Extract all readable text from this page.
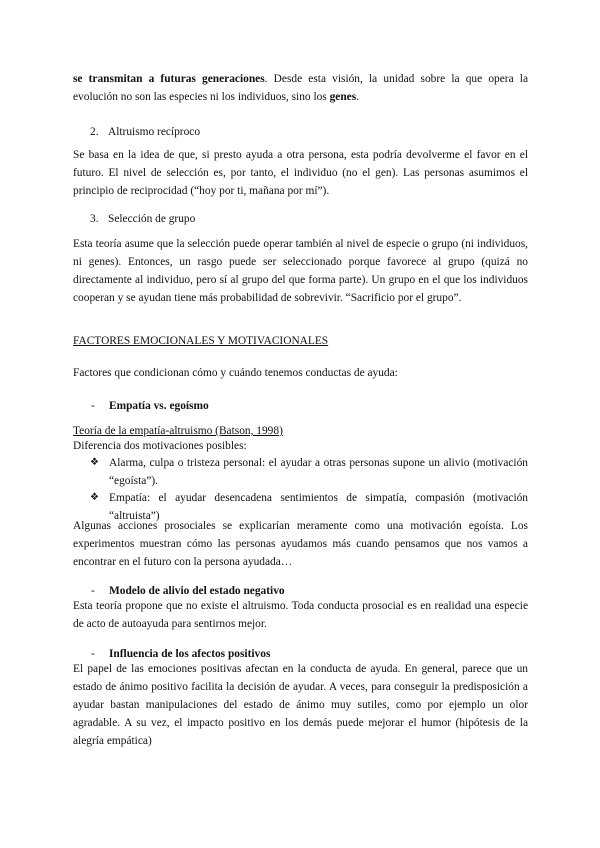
se transmitan a futuras generaciones. Desde esta visión, la unidad sobre la que opera la evolución no son las especies ni los individuos, sino los genes.

2. Altruismo recíproco

Se basa en la idea de que, si presto ayuda a otra persona, esta podría devolverme el favor en el futuro. El nivel de selección es, por tanto, el individuo (no el gen). Las personas asumimos el principio de reciprocidad (“hoy por ti, mañana por mí”).

3. Selección de grupo

Esta teoría asume que la selección puede operar también al nivel de especie o grupo (ni individuos, ni genes). Entonces, un rasgo puede ser seleccionado porque favorece al grupo (quizá no directamente al individuo, pero sí al grupo del que forma parte). Un grupo en el que los individuos cooperan y se ayudan tiene más probabilidad de sobrevivir. “Sacrificio por el grupo”.

FACTORES EMOCIONALES Y MOTIVACIONALES
Factores que condicionan cómo y cuándo tenemos conductas de ayuda:
- Empatía vs. egoísmo
Teoría de la empatía-altruismo (Batson, 1998)
Diferencia dos motivaciones posibles:
❖ Alarma, culpa o tristeza personal: el ayudar a otras personas supone un alivio (motivación “egoísta”).
❖ Empatía: el ayudar desencadena sentimientos de simpatía, compasión (motivación “altruista”)

Algunas acciones prosociales se explicarían meramente como una motivación egoísta. Los experimentos muestran cómo las personas ayudamos más cuando pensamos que nos vamos a encontrar en el futuro con la persona ayudada…

- Modelo de alivio del estado negativo

Esta teoría propone que no existe el altruismo. Toda conducta prosocial es en realidad una especie de acto de autoayuda para sentirnos mejor.

- Influencia de los afectos positivos

El papel de las emociones positivas afectan en la conducta de ayuda. En general, parece que un estado de ánimo positivo facilita la decisión de ayudar. A veces, para conseguir la predisposición a ayudar bastan manipulaciones del estado de ánimo muy sutiles, como por ejemplo un olor agradable. A su vez, el impacto positivo en los demás puede mejorar el humor (hipótesis de la alegría empática)
